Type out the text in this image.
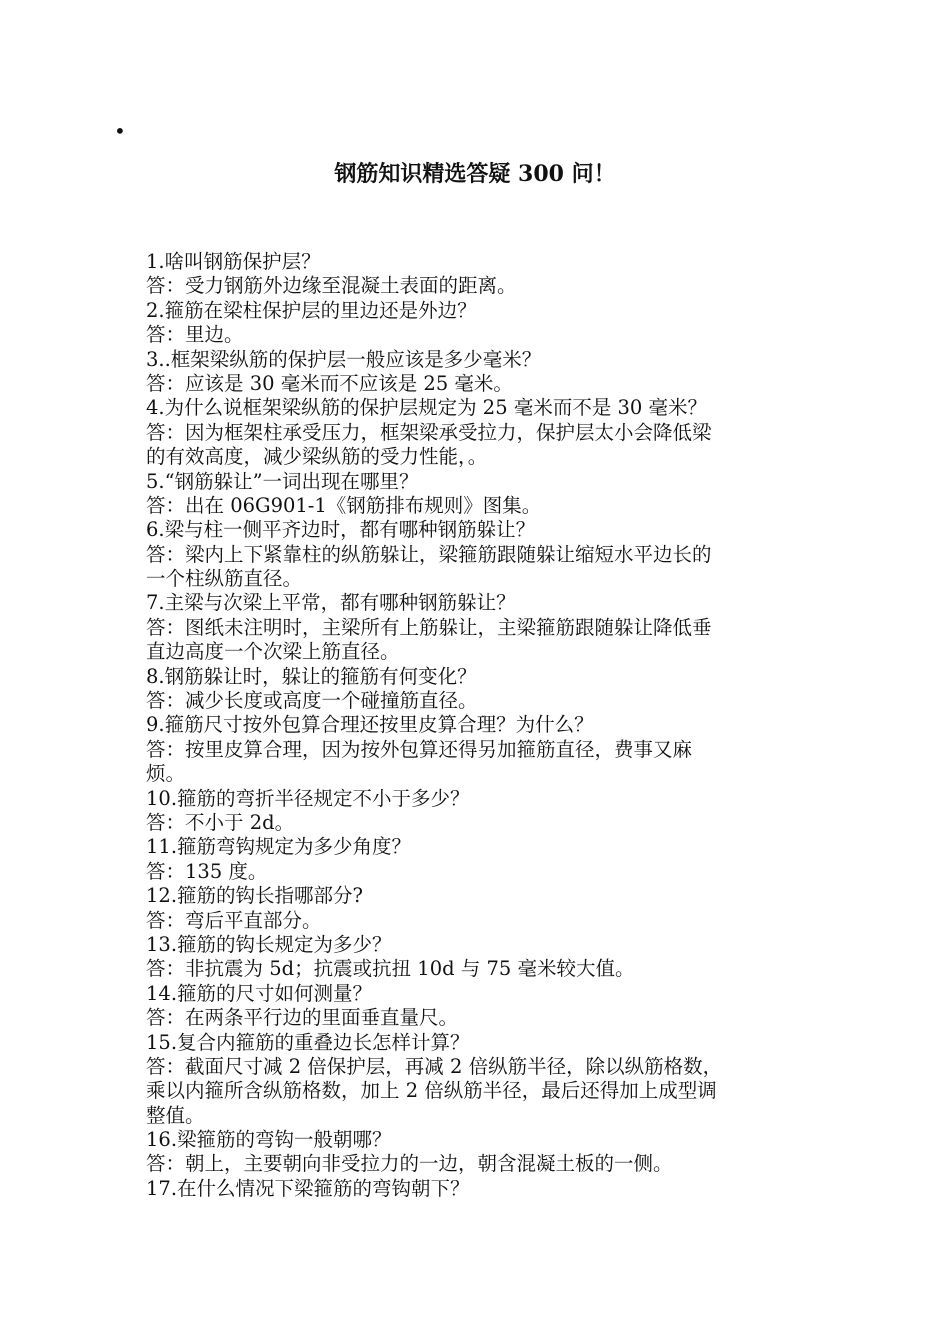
•
钢筋知识精选答疑 300 问！
1.啥叫钢筋保护层？
答：受力钢筋外边缘至混凝土表面的距离。
2.箍筋在梁柱保护层的里边还是外边？
答：里边。
3..框架梁纵筋的保护层一般应该是多少毫米？
答：应该是 30 毫米而不应该是 25 毫米。
4.为什么说框架梁纵筋的保护层规定为 25 毫米而不是 30 毫米？
答：因为框架柱承受压力，框架梁承受拉力，保护层太小会降低梁
的有效高度，减少梁纵筋的受力性能，。
5.“钢筋躲让”一词出现在哪里？
答：出在 06G901-1《钢筋排布规则》图集。
6.梁与柱一侧平齐边时，都有哪种钢筋躲让？
答：梁内上下紧靠柱的纵筋躲让，梁箍筋跟随躲让缩短水平边长的
一个柱纵筋直径。
7.主梁与次梁上平常，都有哪种钢筋躲让？
答：图纸未注明时，主梁所有上筋躲让，主梁箍筋跟随躲让降低垂
直边高度一个次梁上筋直径。
8.钢筋躲让时，躲让的箍筋有何变化？
答：减少长度或高度一个碰撞筋直径。
9.箍筋尺寸按外包算合理还按里皮算合理？为什么？
答：按里皮算合理，因为按外包算还得另加箍筋直径，费事又麻
烦。
10.箍筋的弯折半径规定不小于多少？
答：不小于 2d。
11.箍筋弯钩规定为多少角度？
答：135 度。
12.箍筋的钩长指哪部分?
答：弯后平直部分。
13.箍筋的钩长规定为多少？
答：非抗震为 5d；抗震或抗扭 10d 与 75 毫米较大值。
14.箍筋的尺寸如何测量？
答：在两条平行边的里面垂直量尺。
15.复合内箍筋的重叠边长怎样计算？
答：截面尺寸减 2 倍保护层，再减 2 倍纵筋半径，除以纵筋格数，
乘以内箍所含纵筋格数，加上 2 倍纵筋半径，最后还得加上成型调
整值。
16.梁箍筋的弯钩一般朝哪？
答：朝上，主要朝向非受拉力的一边，朝含混凝土板的一侧。
17.在什么情况下梁箍筋的弯钩朝下？
